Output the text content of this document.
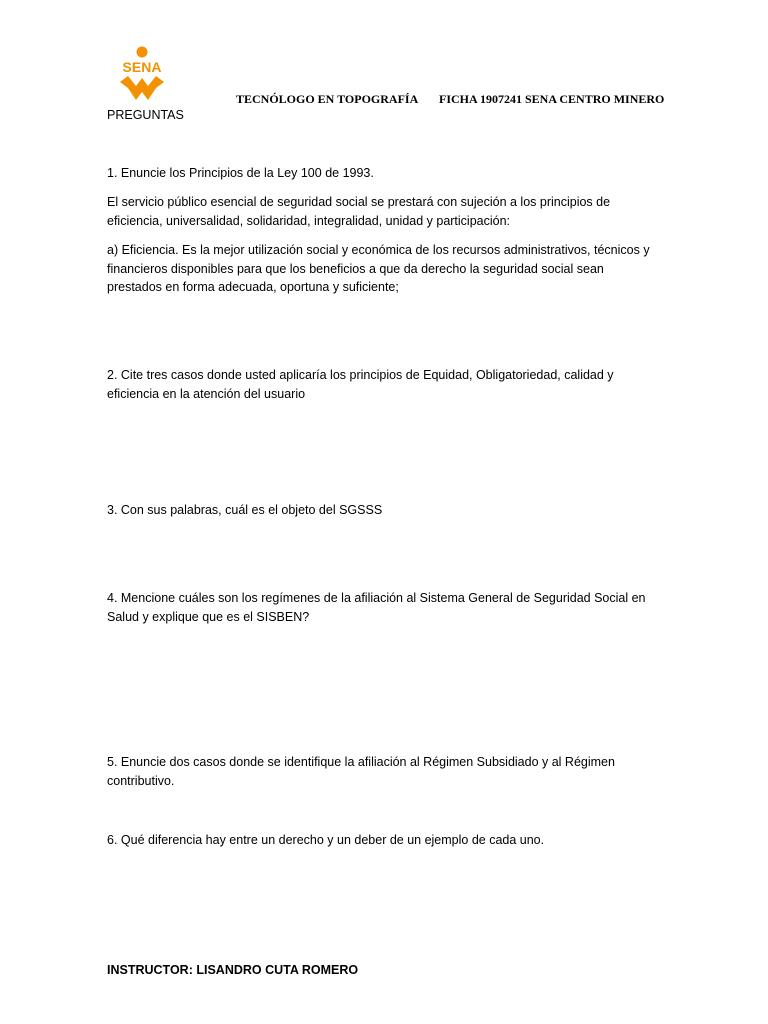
SENA
TECNÓLOGO EN TOPOGRAFÍA FICHA 1907241 SENA CENTRO MINERO
PREGUNTAS
1. Enuncie los Principios de la Ley 100 de 1993.
El servicio público esencial de seguridad social se prestará con sujeción a los principios de
eficiencia, universalidad, solidaridad, integralidad, unidad y participación:
a) Eficiencia. Es la mejor utilización social y económica de los recursos administrativos, técnicos y
financieros disponibles para que los beneficios a que da derecho la seguridad social sean
prestados en forma adecuada, oportuna y suficiente;
2. Cite tres casos donde usted aplicaría los principios de Equidad, Obligatoriedad, calidad y
eficiencia en la atención del usuario
3. Con sus palabras, cuál es el objeto del SGSSS
4. Mencione cuáles son los regímenes de la afiliación al Sistema General de Seguridad Social en
Salud y explique que es el SISBEN?
5. Enuncie dos casos donde se identifique la afiliación al Régimen Subsidiado y al Régimen
contributivo.
6. Qué diferencia hay entre un derecho y un deber de un ejemplo de cada uno.
INSTRUCTOR: LISANDRO CUTA ROMERO
